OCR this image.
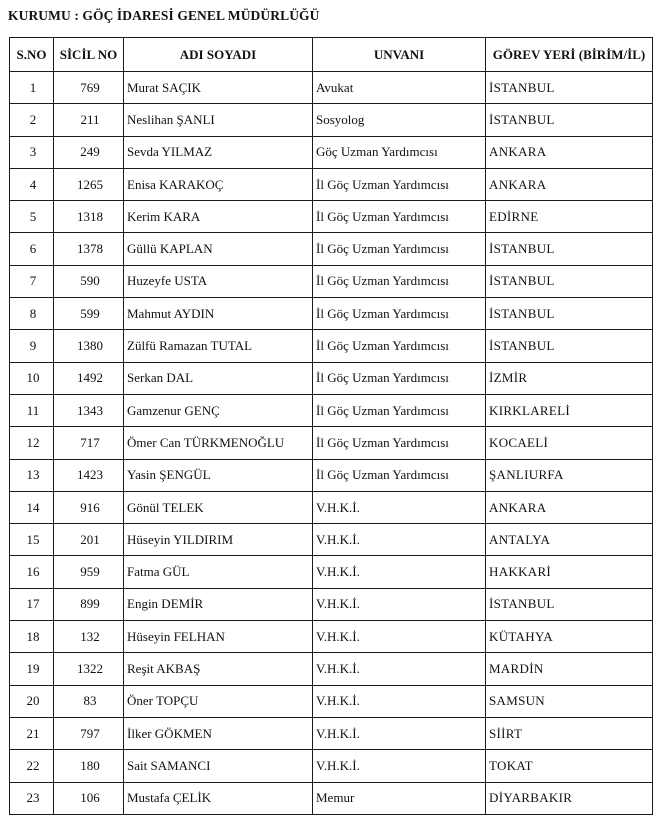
KURUMU : GÖÇ İDARESİ GENEL MÜDÜRLÜĞÜ
S.NO	SİCİL NO	ADI SOYADI	UNVANI	GÖREV YERİ (BİRİM/İL)
1	769	Murat SAÇIK	Avukat	İSTANBUL
2	211	Neslihan ŞANLI	Sosyolog	İSTANBUL
3	249	Sevda YILMAZ	Göç Uzman Yardımcısı	ANKARA
4	1265	Enisa KARAKOÇ	İl Göç Uzman Yardımcısı	ANKARA
5	1318	Kerim KARA	İl Göç Uzman Yardımcısı	EDİRNE
6	1378	Güllü KAPLAN	İl Göç Uzman Yardımcısı	İSTANBUL
7	590	Huzeyfe USTA	İl Göç Uzman Yardımcısı	İSTANBUL
8	599	Mahmut AYDIN	İl Göç Uzman Yardımcısı	İSTANBUL
9	1380	Zülfü Ramazan TUTAL	İl Göç Uzman Yardımcısı	İSTANBUL
10	1492	Serkan DAL	İl Göç Uzman Yardımcısı	İZMİR
11	1343	Gamzenur GENÇ	İl Göç Uzman Yardımcısı	KIRKLARELİ
12	717	Ömer Can TÜRKMENOĞLU	İl Göç Uzman Yardımcısı	KOCAELİ
13	1423	Yasin ŞENGÜL	İl Göç Uzman Yardımcısı	ŞANLIURFA
14	916	Gönül TELEK	V.H.K.İ.	ANKARA
15	201	Hüseyin YILDIRIM	V.H.K.İ.	ANTALYA
16	959	Fatma GÜL	V.H.K.İ.	HAKKARİ
17	899	Engin DEMİR	V.H.K.İ.	İSTANBUL
18	132	Hüseyin FELHAN	V.H.K.İ.	KÜTAHYA
19	1322	Reşit AKBAŞ	V.H.K.İ.	MARDİN
20	83	Öner TOPÇU	V.H.K.İ.	SAMSUN
21	797	İlker GÖKMEN	V.H.K.İ.	SİİRT
22	180	Sait SAMANCI	V.H.K.İ.	TOKAT
23	106	Mustafa ÇELİK	Memur	DİYARBAKIR
